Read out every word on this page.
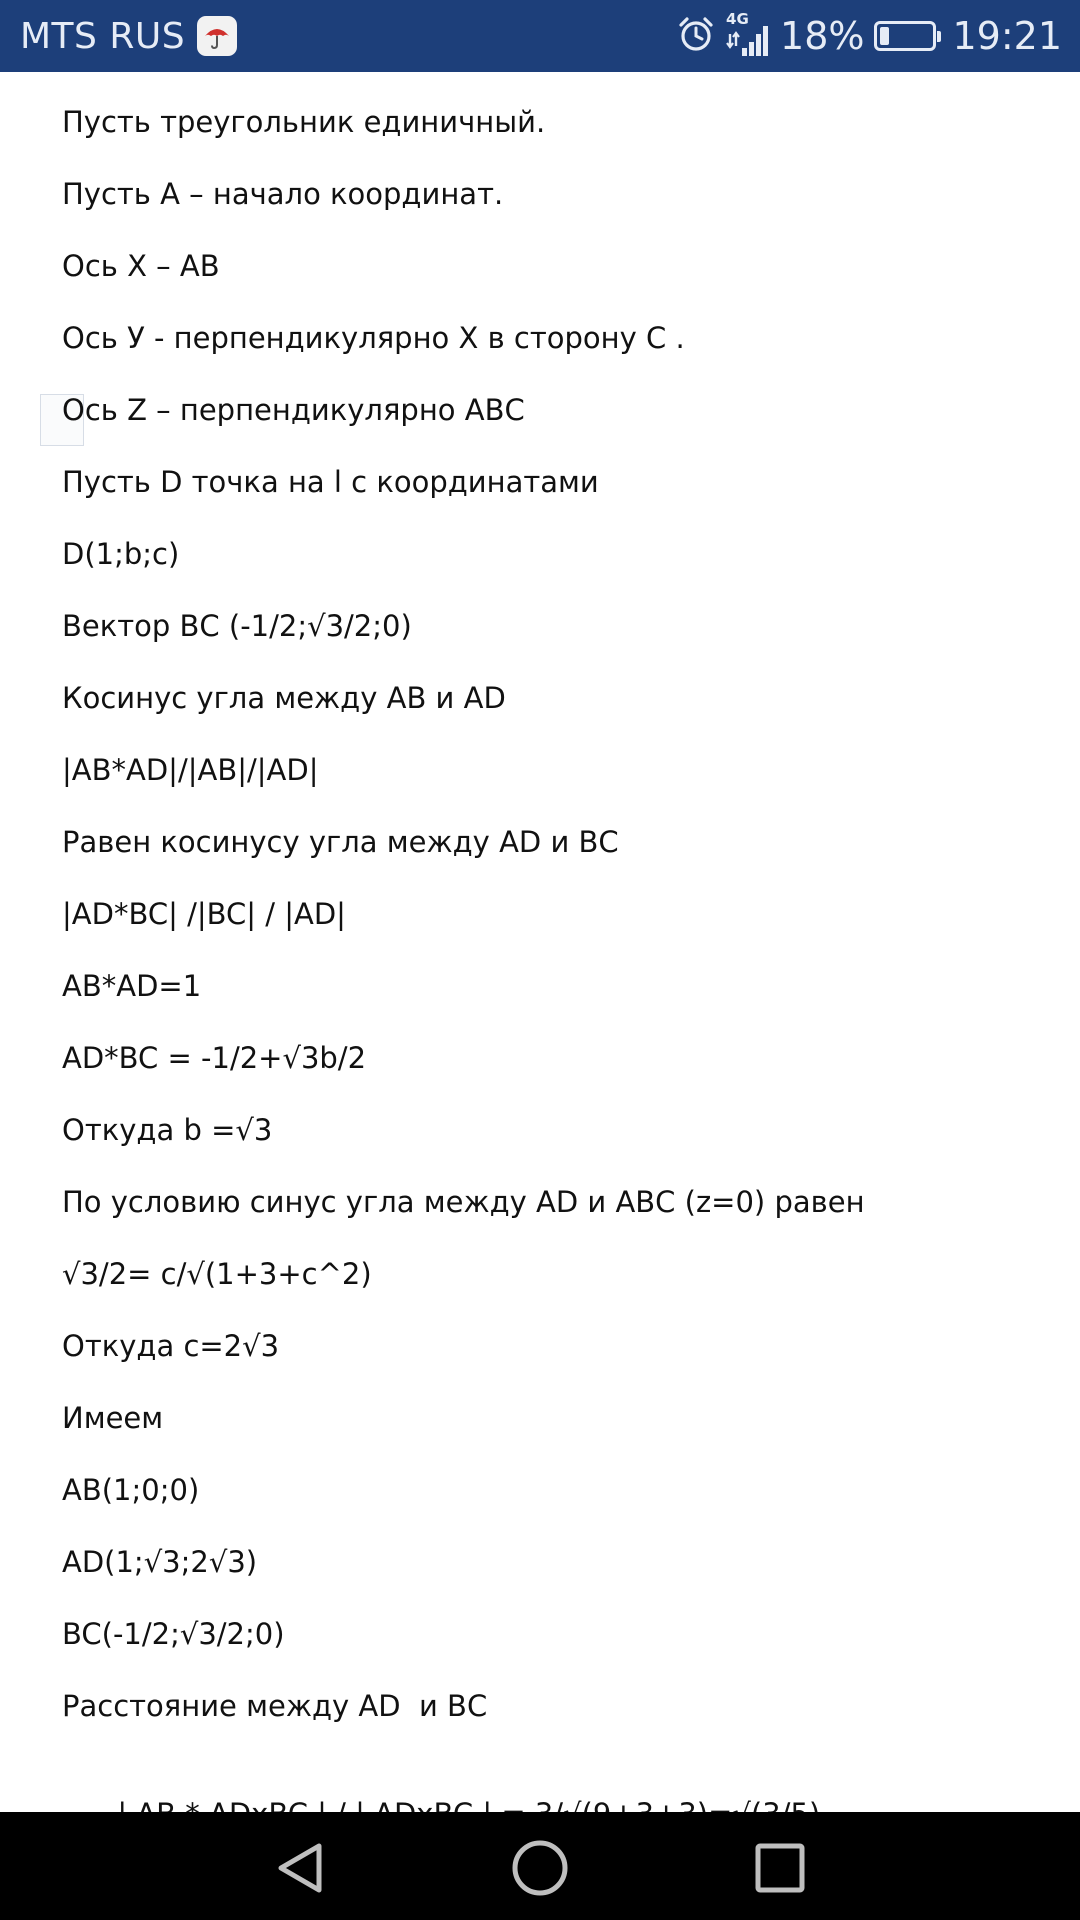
MTS RUS	4G 18% 19:21
Пусть треугольник единичный.
Пусть А – начало координат.
Ось Х – АВ
Ось У - перпендикулярно Х в сторону С .
Ось Z – перпендикулярно АВС
Пусть D точка на l с координатами
D(1;b;c)
Вектор ВС (-1/2;√3/2;0)
Косинус угла между АВ и АD
|AB*AD|/|AB|/|AD|
Равен косинусу угла между AD и ВС
|AD*BC| /|BC| / |AD|
AB*AD=1
AD*BC = -1/2+√3b/2
Откуда b =√3
По условию синус угла между AD и АВС (z=0) равен
√3/2= с/√(1+3+c^2)
Откуда c=2√3
Имеем
AB(1;0;0)
AD(1;√3;2√3)
BC(-1/2;√3/2;0)
Расстояние между AD  и ВС
